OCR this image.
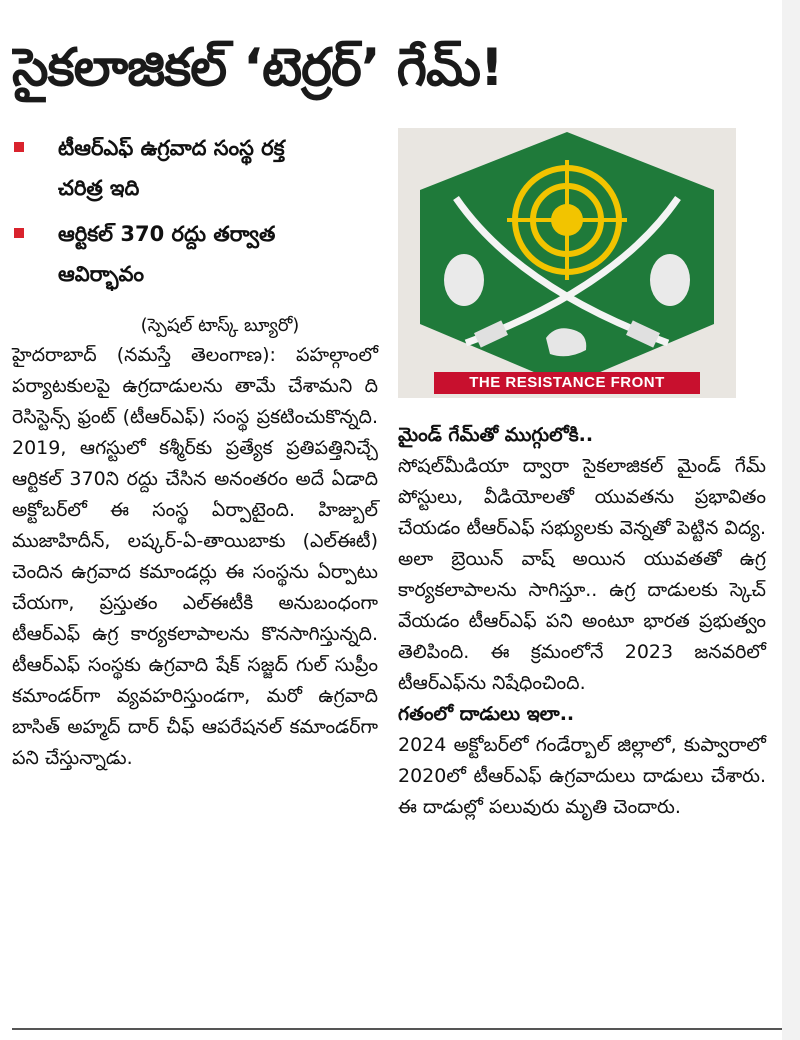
సైకలాజికల్ ‘టెర్రర్’ గేమ్!
టీఆర్ఎఫ్ ఉగ్రవాద సంస్థ రక్త చరిత్ర ఇది
ఆర్టికల్ 370 రద్దు తర్వాత ఆవిర్భావం
(స్పెషల్ టాస్క్ బ్యూరో)

హైదరాబాద్ (నమస్తే తెలంగాణ): పహల్గాంలో పర్యాటకులపై ఉగ్రదాడులను తామే చేశామని ది రెసిస్టెన్స్ ఫ్రంట్ (టీఆర్ఎఫ్) సంస్థ ప్రకటించుకొన్నది. 2019, ఆగస్టులో కశ్మీర్‌కు ప్రత్యేక ప్రతిపత్తినిచ్చే ఆర్టికల్ 370ని రద్దు చేసిన అనంతరం అదే ఏడాది అక్టోబర్‌లో ఈ సంస్థ ఏర్పాటైంది. హిజ్బుల్ ముజాహిదీన్, లష్కర్-ఏ-తాయిబాకు (ఎల్‌ఈటీ) చెందిన ఉగ్రవాద కమాండర్లు ఈ సంస్థను ఏర్పాటు చేయగా, ప్రస్తుతం ఎల్‌ఈటీకి అనుబంధంగా టీఆర్ఎఫ్ ఉగ్ర కార్యకలాపాలను కొనసాగిస్తున్నది. టీఆర్ఎఫ్ సంస్థకు ఉగ్రవాది షేక్ సజ్జద్ గుల్ సుప్రీం కమాండర్‌గా వ్యవహరిస్తుండగా, మరో ఉగ్రవాది బాసిత్ అహ్మద్ దార్ చీఫ్ ఆపరేషనల్ కమాండర్‌గా పని చేస్తున్నాడు.

THE RESISTANCE FRONT
మైండ్ గేమ్‌తో ముగ్గులోకి..

సోషల్‌మీడియా ద్వారా సైకలాజికల్ మైండ్ గేమ్ పోస్టులు, వీడియోలతో యువతను ప్రభావితం చేయడం టీఆర్ఎఫ్ సభ్యులకు వెన్నతో పెట్టిన విద్య. అలా బ్రెయిన్ వాష్ అయిన యువతతో ఉగ్ర కార్యకలాపాలను సాగిస్తూ.. ఉగ్ర దాడులకు స్కెచ్ వేయడం టీఆర్ఎఫ్ పని అంటూ భారత ప్రభుత్వం తెలిపింది. ఈ క్రమంలోనే 2023 జనవరిలో టీఆర్ఎఫ్‌ను నిషేధించింది.

గతంలో దాడులు ఇలా..

2024 అక్టోబర్‌లో గండేర్బాల్ జిల్లాలో, కుప్వారాలో 2020లో టీఆర్ఎఫ్ ఉగ్రవాదులు దాడులు చేశారు. ఈ దాడుల్లో పలువురు మృతి చెందారు.
